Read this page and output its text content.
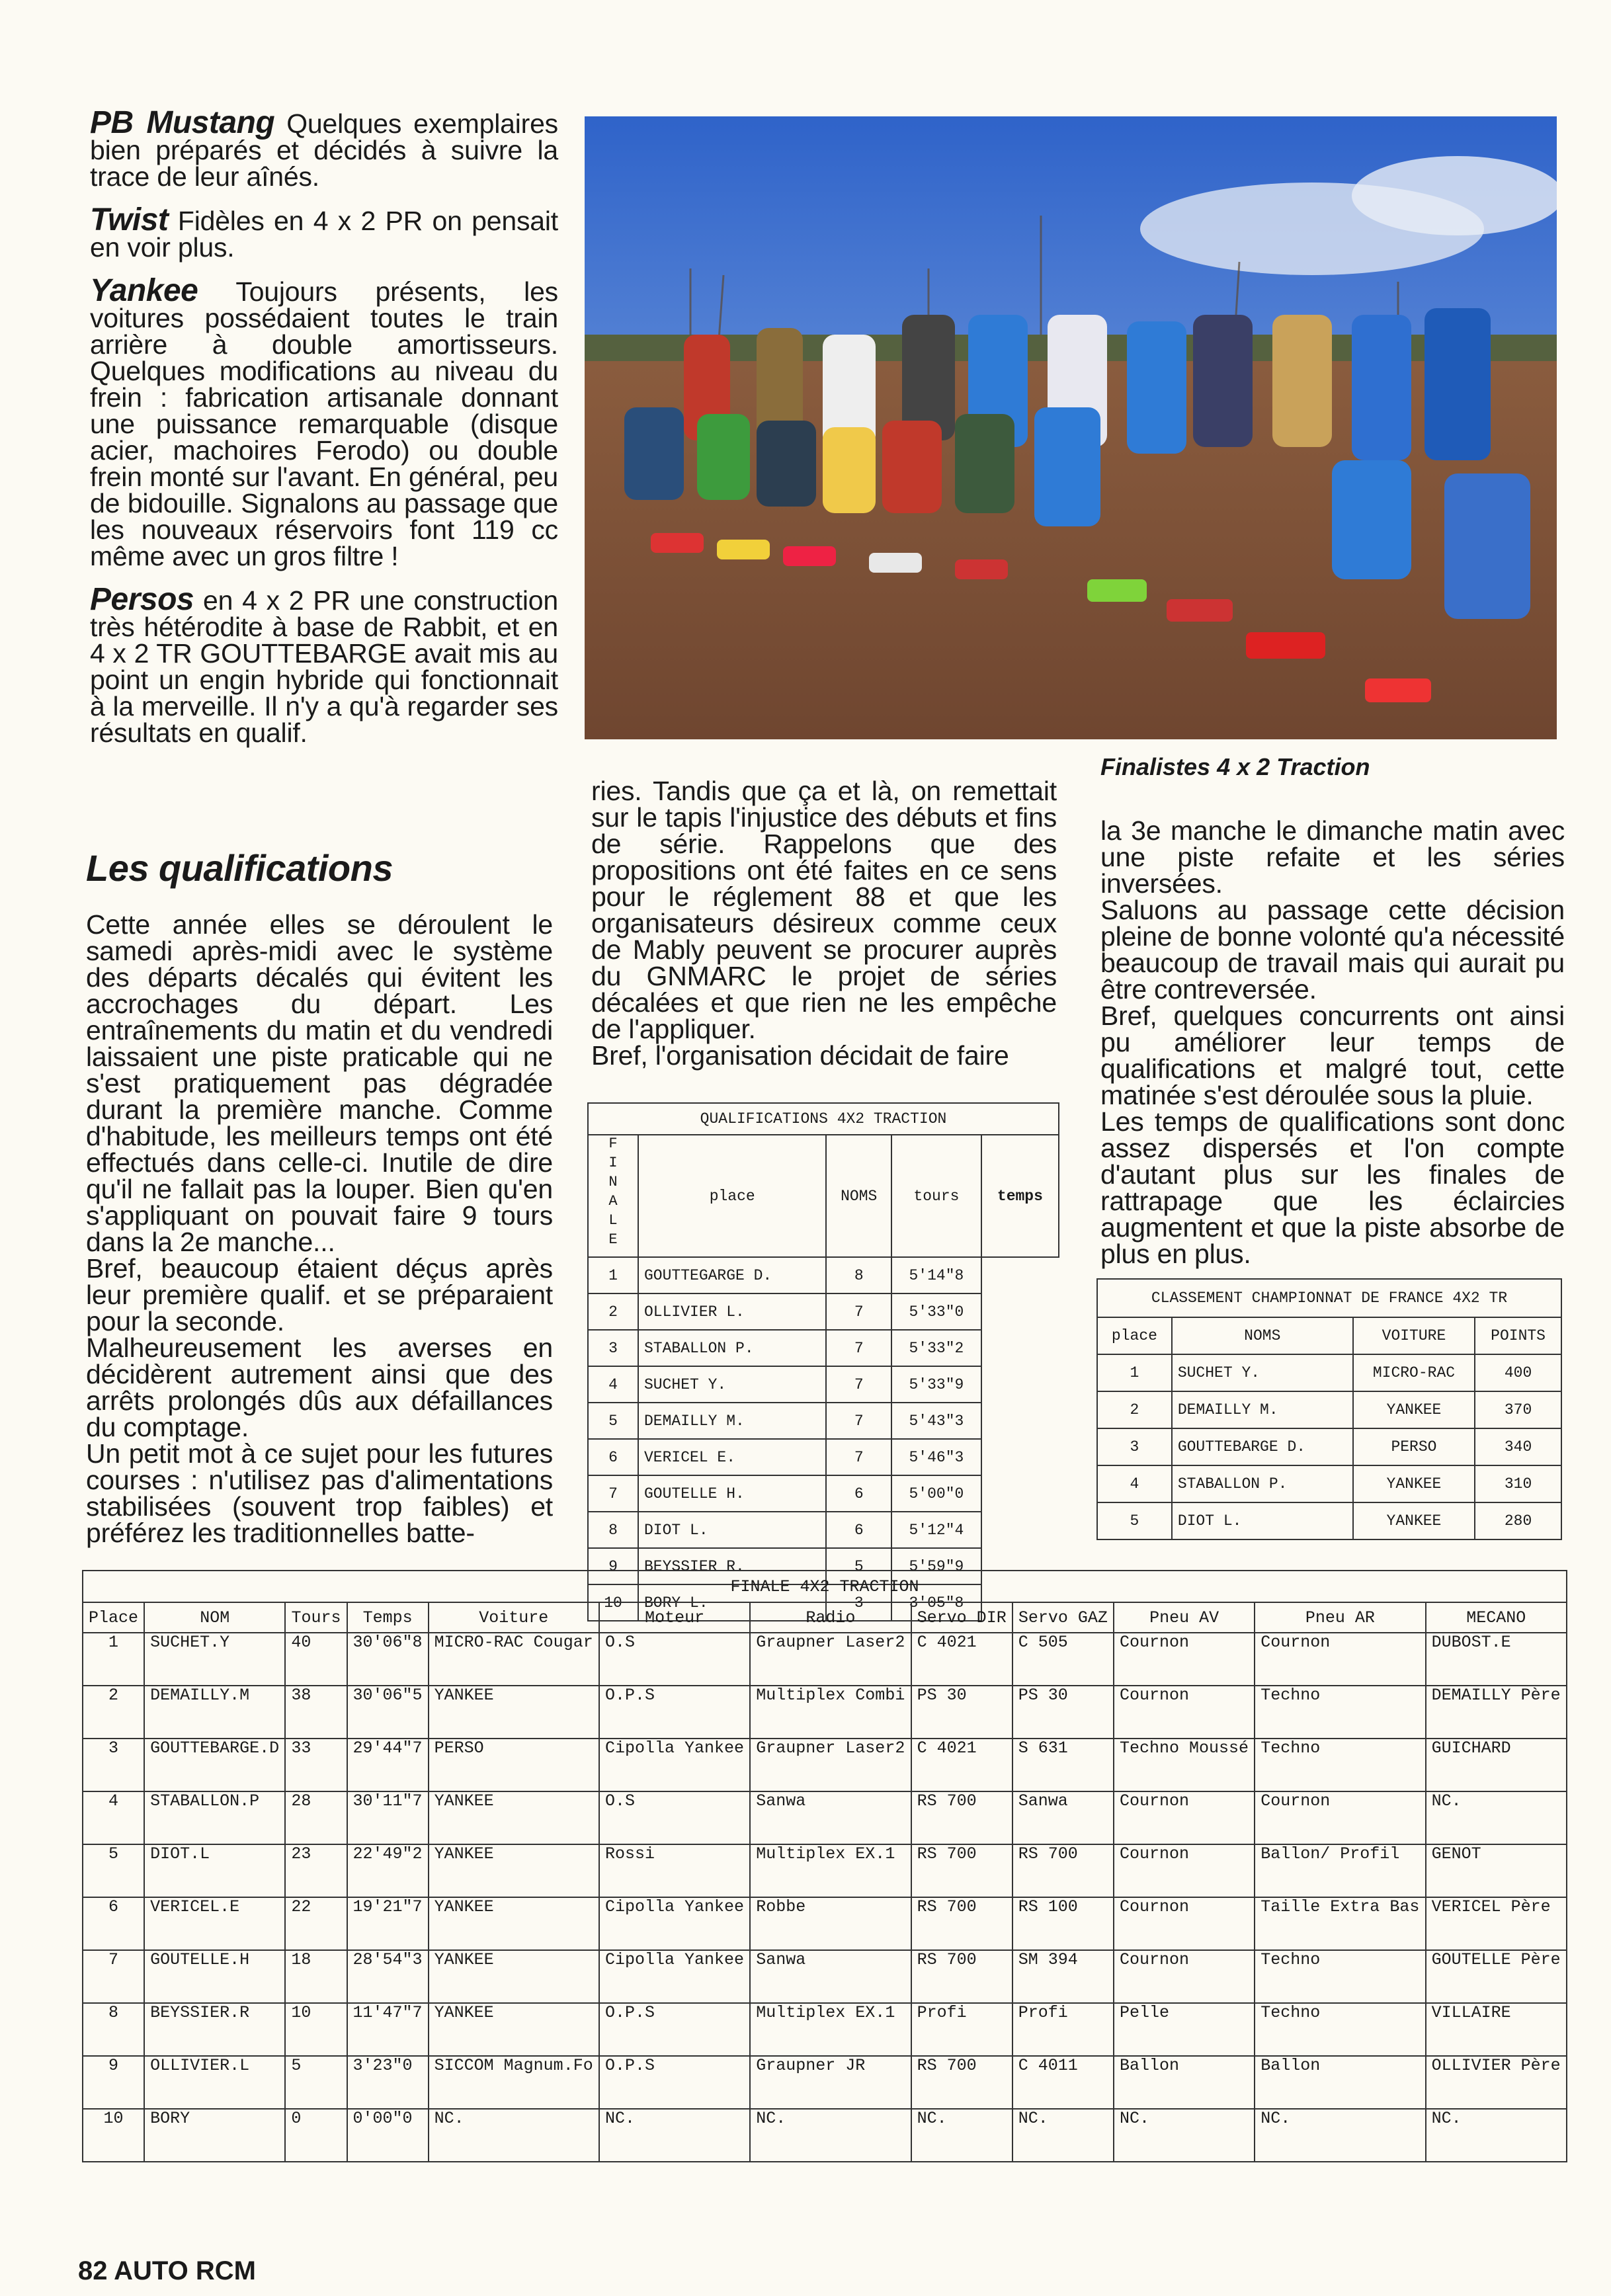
PB Mustang Quelques exemplaires bien préparés et décidés à suivre la trace de leur aînés.

Twist Fidèles en 4 x 2 PR on pensait en voir plus.

Yankee Toujours présents, les voitures possédaient toutes le train arrière à double amortisseurs. Quelques modifications au niveau du frein : fabrication artisanale donnant une puissance remarquable (disque acier, machoires Ferodo) ou double frein monté sur l'avant. En général, peu de bidouille. Signalons au passage que les nouveaux réservoirs font 119 cc même avec un gros filtre !

Persos en 4 x 2 PR une construction très hétérodite à base de Rabbit, et en 4 x 2 TR GOUTTEBARGE avait mis au point un engin hybride qui fonctionnait à la merveille. Il n'y a qu'à regarder ses résultats en qualif.

Les qualifications

Cette année elles se déroulent le samedi après-midi avec le système des départs décalés qui évitent les accrochages du départ. Les entraînements du matin et du vendredi laissaient une piste praticable qui ne s'est pratiquement pas dégradée durant la première manche. Comme d'habitude, les meilleurs temps ont été effectués dans celle-ci. Inutile de dire qu'il ne fallait pas la louper. Bien qu'en s'appliquant on pouvait faire 9 tours dans la 2e manche...

Bref, beaucoup étaient déçus après leur première qualif. et se préparaient pour la seconde.

Malheureusement les averses en décidèrent autrement ainsi que des arrêts prolongés dûs aux défaillances du comptage.

Un petit mot à ce sujet pour les futures courses : n'utilisez pas d'alimentations stabilisées (souvent trop faibles) et préférez les traditionnelles batte-

ries. Tandis que ça et là, on remettait sur le tapis l'injustice des débuts et fins de série. Rappelons que des propositions ont été faites en ce sens pour le réglement 88 et que les organisateurs désireux comme ceux de Mably peuvent se procurer auprès du GNMARC le projet de séries décalées et que rien ne les empêche de l'appliquer.

Bref, l'organisation décidait de faire

la 3e manche le dimanche matin avec une piste refaite et les séries inversées.

Saluons au passage cette décision pleine de bonne volonté qu'a nécessité beaucoup de travail mais qui aurait pu être contreversée.

Bref, quelques concurrents ont ainsi pu améliorer leur temps de qualifications et malgré tout, cette matinée s'est déroulée sous la pluie.

Les temps de qualifications sont donc assez dispersés et l'on compte d'autant plus sur les finales de rattrapage que les éclaircies augmentent et que la piste absorbe de plus en plus.

Finalistes 4 x 2 Traction
QUALIFICATIONS 4X2 TRACTION				
FINALE	place	NOMS	tours	temps
1	GOUTTEGARGE D.	8	5'14"8	
2	OLLIVIER L.	7	5'33"0	
3	STABALLON P.	7	5'33"2	
4	SUCHET Y.	7	5'33"9	
5	DEMAILLY M.	7	5'43"3	
6	VERICEL E.	7	5'46"3	
7	GOUTELLE H.	6	5'00"0	
8	DIOT L.	6	5'12"4	
9	BEYSSIER R.	5	5'59"9	
10	BORY L.	3	3'05"8	
CLASSEMENT CHAMPIONNAT DE FRANCE 4X2 TR			
place	NOMS	VOITURE	POINTS
1	SUCHET Y.	MICRO-RAC	400
2	DEMAILLY M.	YANKEE	370
3	GOUTTEBARGE D.	PERSO	340
4	STABALLON P.	YANKEE	310
5	DIOT L.	YANKEE	280
FINALE 4X2 TRACTION											
Place	NOM	Tours	Temps	Voiture	Moteur	Radio	Servo DIR	Servo GAZ	Pneu AV	Pneu AR	MECANO
1	SUCHET.Y	40	30'06"8	MICRO-RAC Cougar	O.S	Graupner Laser2	C 4021	C 505	Cournon	Cournon	DUBOST.E
2	DEMAILLY.M	38	30'06"5	YANKEE	O.P.S	Multiplex Combi	PS 30	PS 30	Cournon	Techno	DEMAILLY Père
3	GOUTTEBARGE.D	33	29'44"7	PERSO	Cipolla Yankee	Graupner Laser2	C 4021	S 631	Techno Moussé	Techno	GUICHARD
4	STABALLON.P	28	30'11"7	YANKEE	O.S	Sanwa	RS 700	Sanwa	Cournon	Cournon	NC.
5	DIOT.L	23	22'49"2	YANKEE	Rossi	Multiplex EX.1	RS 700	RS 700	Cournon	Ballon/ Profil	GENOT
6	VERICEL.E	22	19'21"7	YANKEE	Cipolla Yankee	Robbe	RS 700	RS 100	Cournon	Taille Extra Bas	VERICEL Père
7	GOUTELLE.H	18	28'54"3	YANKEE	Cipolla Yankee	Sanwa	RS 700	SM 394	Cournon	Techno	GOUTELLE Père
8	BEYSSIER.R	10	11'47"7	YANKEE	O.P.S	Multiplex EX.1	Profi	Profi	Pelle	Techno	VILLAIRE
9	OLLIVIER.L	5	3'23"0	SICCOM Magnum.Fo	O.P.S	Graupner JR	RS 700	C 4011	Ballon	Ballon	OLLIVIER Père
10	BORY	0	0'00"0	NC.	NC.	NC.	NC.	NC.	NC.	NC.	NC.
82 AUTO RCM
